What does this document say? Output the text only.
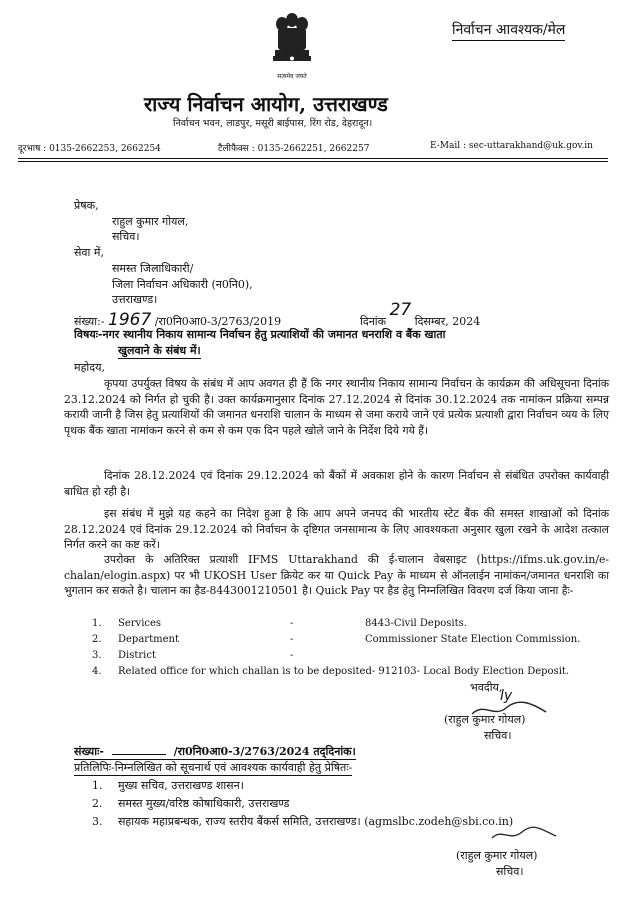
सत्यमेव जयते
निर्वाचन आवश्यक/मेल
राज्य निर्वाचन आयोग, उत्तराखण्ड
निर्वाचन भवन, लाडपुर, मसूरी बाईपास, रिंग रोड, देहरादून।
दूरभाष : 0135-2662253, 2662254	टैलीफैक्स : 0135-2662251, 2662257	E-Mail : sec-uttarakhand@uk.gov.in
प्रेषक,
राहुल कुमार गोयल,
सचिव।
सेवा में,
समस्त जिलाधिकारी/
जिला निर्वाचन अधिकारी (न0नि0),
उत्तराखण्ड।
संख्या:- 1967 /रा0नि0आ0-3/2763/2019	दिनांक 27 दिसम्बर, 2024
विषयः-नगर स्थानीय निकाय सामान्य निर्वाचन हेतु प्रत्याशियों की जमानत धनराशि व बैंक खाता
खुलवाने के संबंध में।
महोदय,
कृपया उपर्युक्त विषय के संबंध में आप अवगत ही हैं कि नगर स्थानीय निकाय सामान्य निर्वाचन के कार्यक्रम की अधिसूचना दिनांक 23.12.2024 को निर्गत हो चुकी है। उक्त कार्यक्रमानुसार दिनांक 27.12.2024 से दिनांक 30.12.2024 तक नामांकन प्रक्रिया सम्पन्न करायी जानी है जिस हेतु प्रत्याशियों की जमानत धनराशि चालान के माध्यम से जमा कराये जाने एवं प्रत्येक प्रत्याशी द्वारा निर्वाचन व्यय के लिए पृथक बैंक खाता नामांकन करने से कम से कम एक दिन पहले खोले जाने के निर्देश दिये गये हैं।
दिनांक 28.12.2024 एवं दिनांक 29.12.2024 को बैंकों में अवकाश होने के कारण निर्वाचन से संबंधित उपरोक्त कार्यवाही बाधित हो रही है।
इस संबंध में मुझे यह कहने का निदेश हुआ है कि आप अपने जनपद की भारतीय स्टेट बैंक की समस्त शाखाओं को दिनांक 28.12.2024 एवं दिनांक 29.12.2024 को निर्वाचन के दृष्टिगत जनसामान्य के लिए आवश्यकता अनुसार खुला रखने के आदेश तत्काल निर्गत करने का कष्ट करें।
उपरोक्त के अतिरिक्त प्रत्याशी IFMS Uttarakhand की ई-चालान वेबसाइट (https://ifms.uk.gov.in/e-chalan/elogin.aspx) पर भी UKOSH User क्रियेट कर या Quick Pay के माध्यम से ऑनलाईन नामांकन/जमानत धनराशि का भुगतान कर सकते है। चालान का हैड-8443001210501 है। Quick Pay पर हैड हेतु निम्नलिखित विवरण दर्ज किया जाना हैः-
1. Services	-	8443-Civil Deposits.
2. Department	-	Commissioner State Election Commission.
3. District	-
4. Related office for which challan is to be deposited- 912103- Local Body Election Deposit.
भवदीय,
ly
(राहुल कुमार गोयल)
सचिव।
संख्याः-	/रा0नि0आ0-3/2763/2024 तद्‌दिनांक।
प्रतिलिपिः-निम्नलिखित को सूचनार्थ एवं आवश्यक कार्यवाही हेतु प्रेषितः-
1. मुख्य सचिव, उत्तराखण्ड शासन।
2. समस्त मुख्य/वरिष्ठ कोषाधिकारी, उत्तराखण्ड
3. सहायक महाप्रबन्धक, राज्य स्तरीय बैंकर्स समिति, उत्तराखण्ड। (agmslbc.zodeh@sbi.co.in)
(राहुल कुमार गोयल)
सचिव।
